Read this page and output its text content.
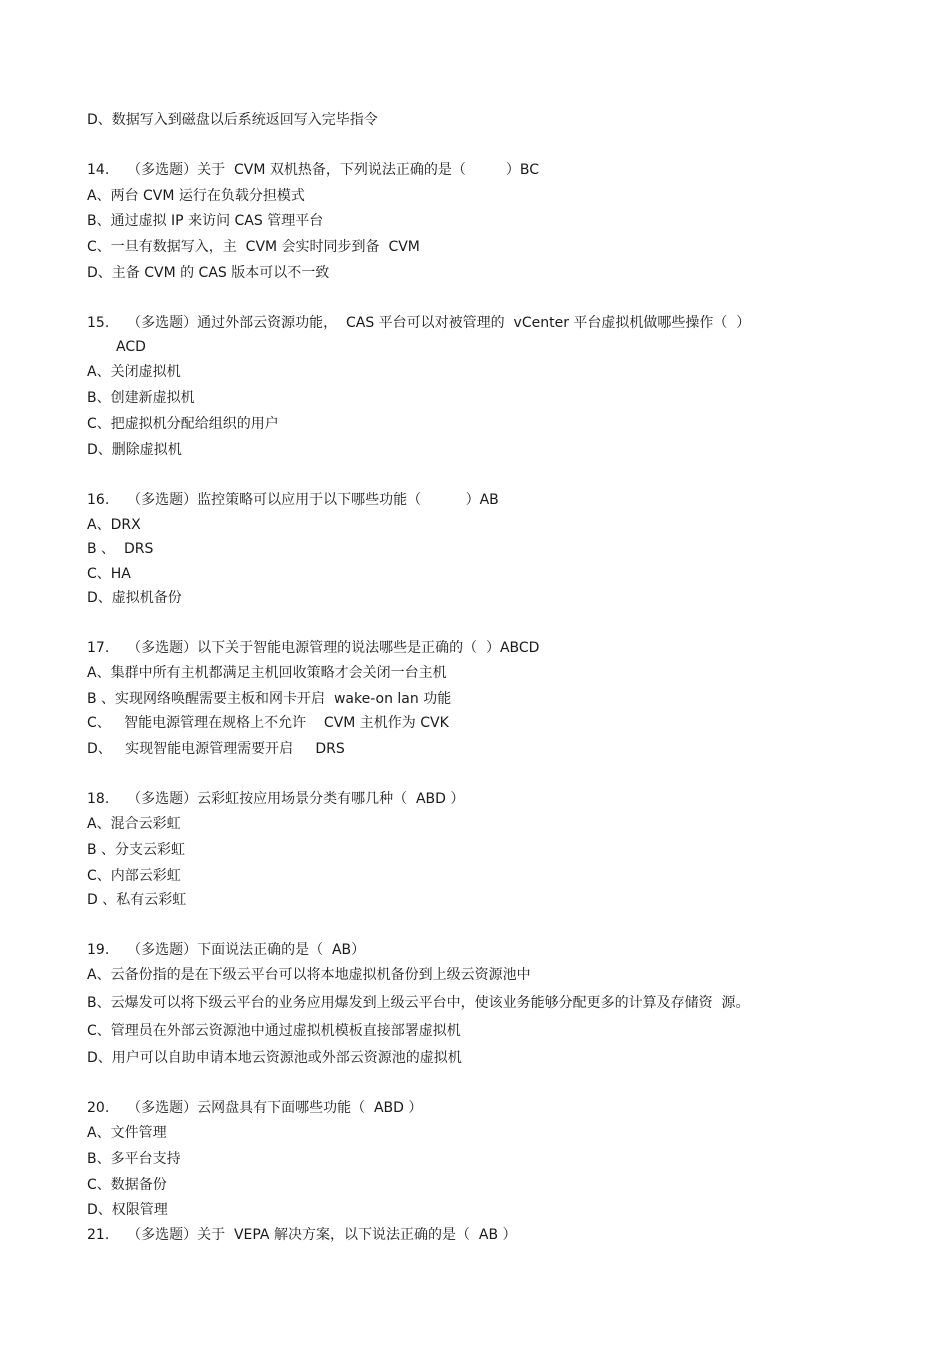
D、数据写入到磁盘以后系统返回写入完毕指令
14.    （多选题）关于  CVM 双机热备，下列说法正确的是（         ）BC
A、两台 CVM 运行在负载分担模式
B、通过虚拟 IP 来访问 CAS 管理平台
C、一旦有数据写入，主  CVM 会实时同步到备  CVM
D、主备 CVM 的 CAS 版本可以不一致
15.    （多选题）通过外部云资源功能，  CAS 平台可以对被管理的  vCenter 平台虚拟机做哪些操作（  ）
ACD
A、关闭虚拟机
B、创建新虚拟机
C、把虚拟机分配给组织的用户
D、删除虚拟机
16.    （多选题）监控策略可以应用于以下哪些功能（          ）AB
A、DRX
B 、  DRS
C、HA
D、虚拟机备份
17.    （多选题）以下关于智能电源管理的说法哪些是正确的（  ）ABCD
A、集群中所有主机都满足主机回收策略才会关闭一台主机
B 、实现网络唤醒需要主板和网卡开启  wake-on lan 功能
C、   智能电源管理在规格上不允许    CVM 主机作为 CVK
D、   实现智能电源管理需要开启     DRS
18.    （多选题）云彩虹按应用场景分类有哪几种（  ABD ）
A、混合云彩虹
B 、分支云彩虹
C、内部云彩虹
D 、私有云彩虹
19.    （多选题）下面说法正确的是（  AB）
A、云备份指的是在下级云平台可以将本地虚拟机备份到上级云资源池中
B、云爆发可以将下级云平台的业务应用爆发到上级云平台中，使该业务能够分配更多的计算及存储资  源。
C、管理员在外部云资源池中通过虚拟机模板直接部署虚拟机
D、用户可以自助申请本地云资源池或外部云资源池的虚拟机
20.    （多选题）云网盘具有下面哪些功能（  ABD ）
A、文件管理
B、多平台支持
C、数据备份
D、权限管理
21.    （多选题）关于  VEPA 解决方案，以下说法正确的是（  AB ）
